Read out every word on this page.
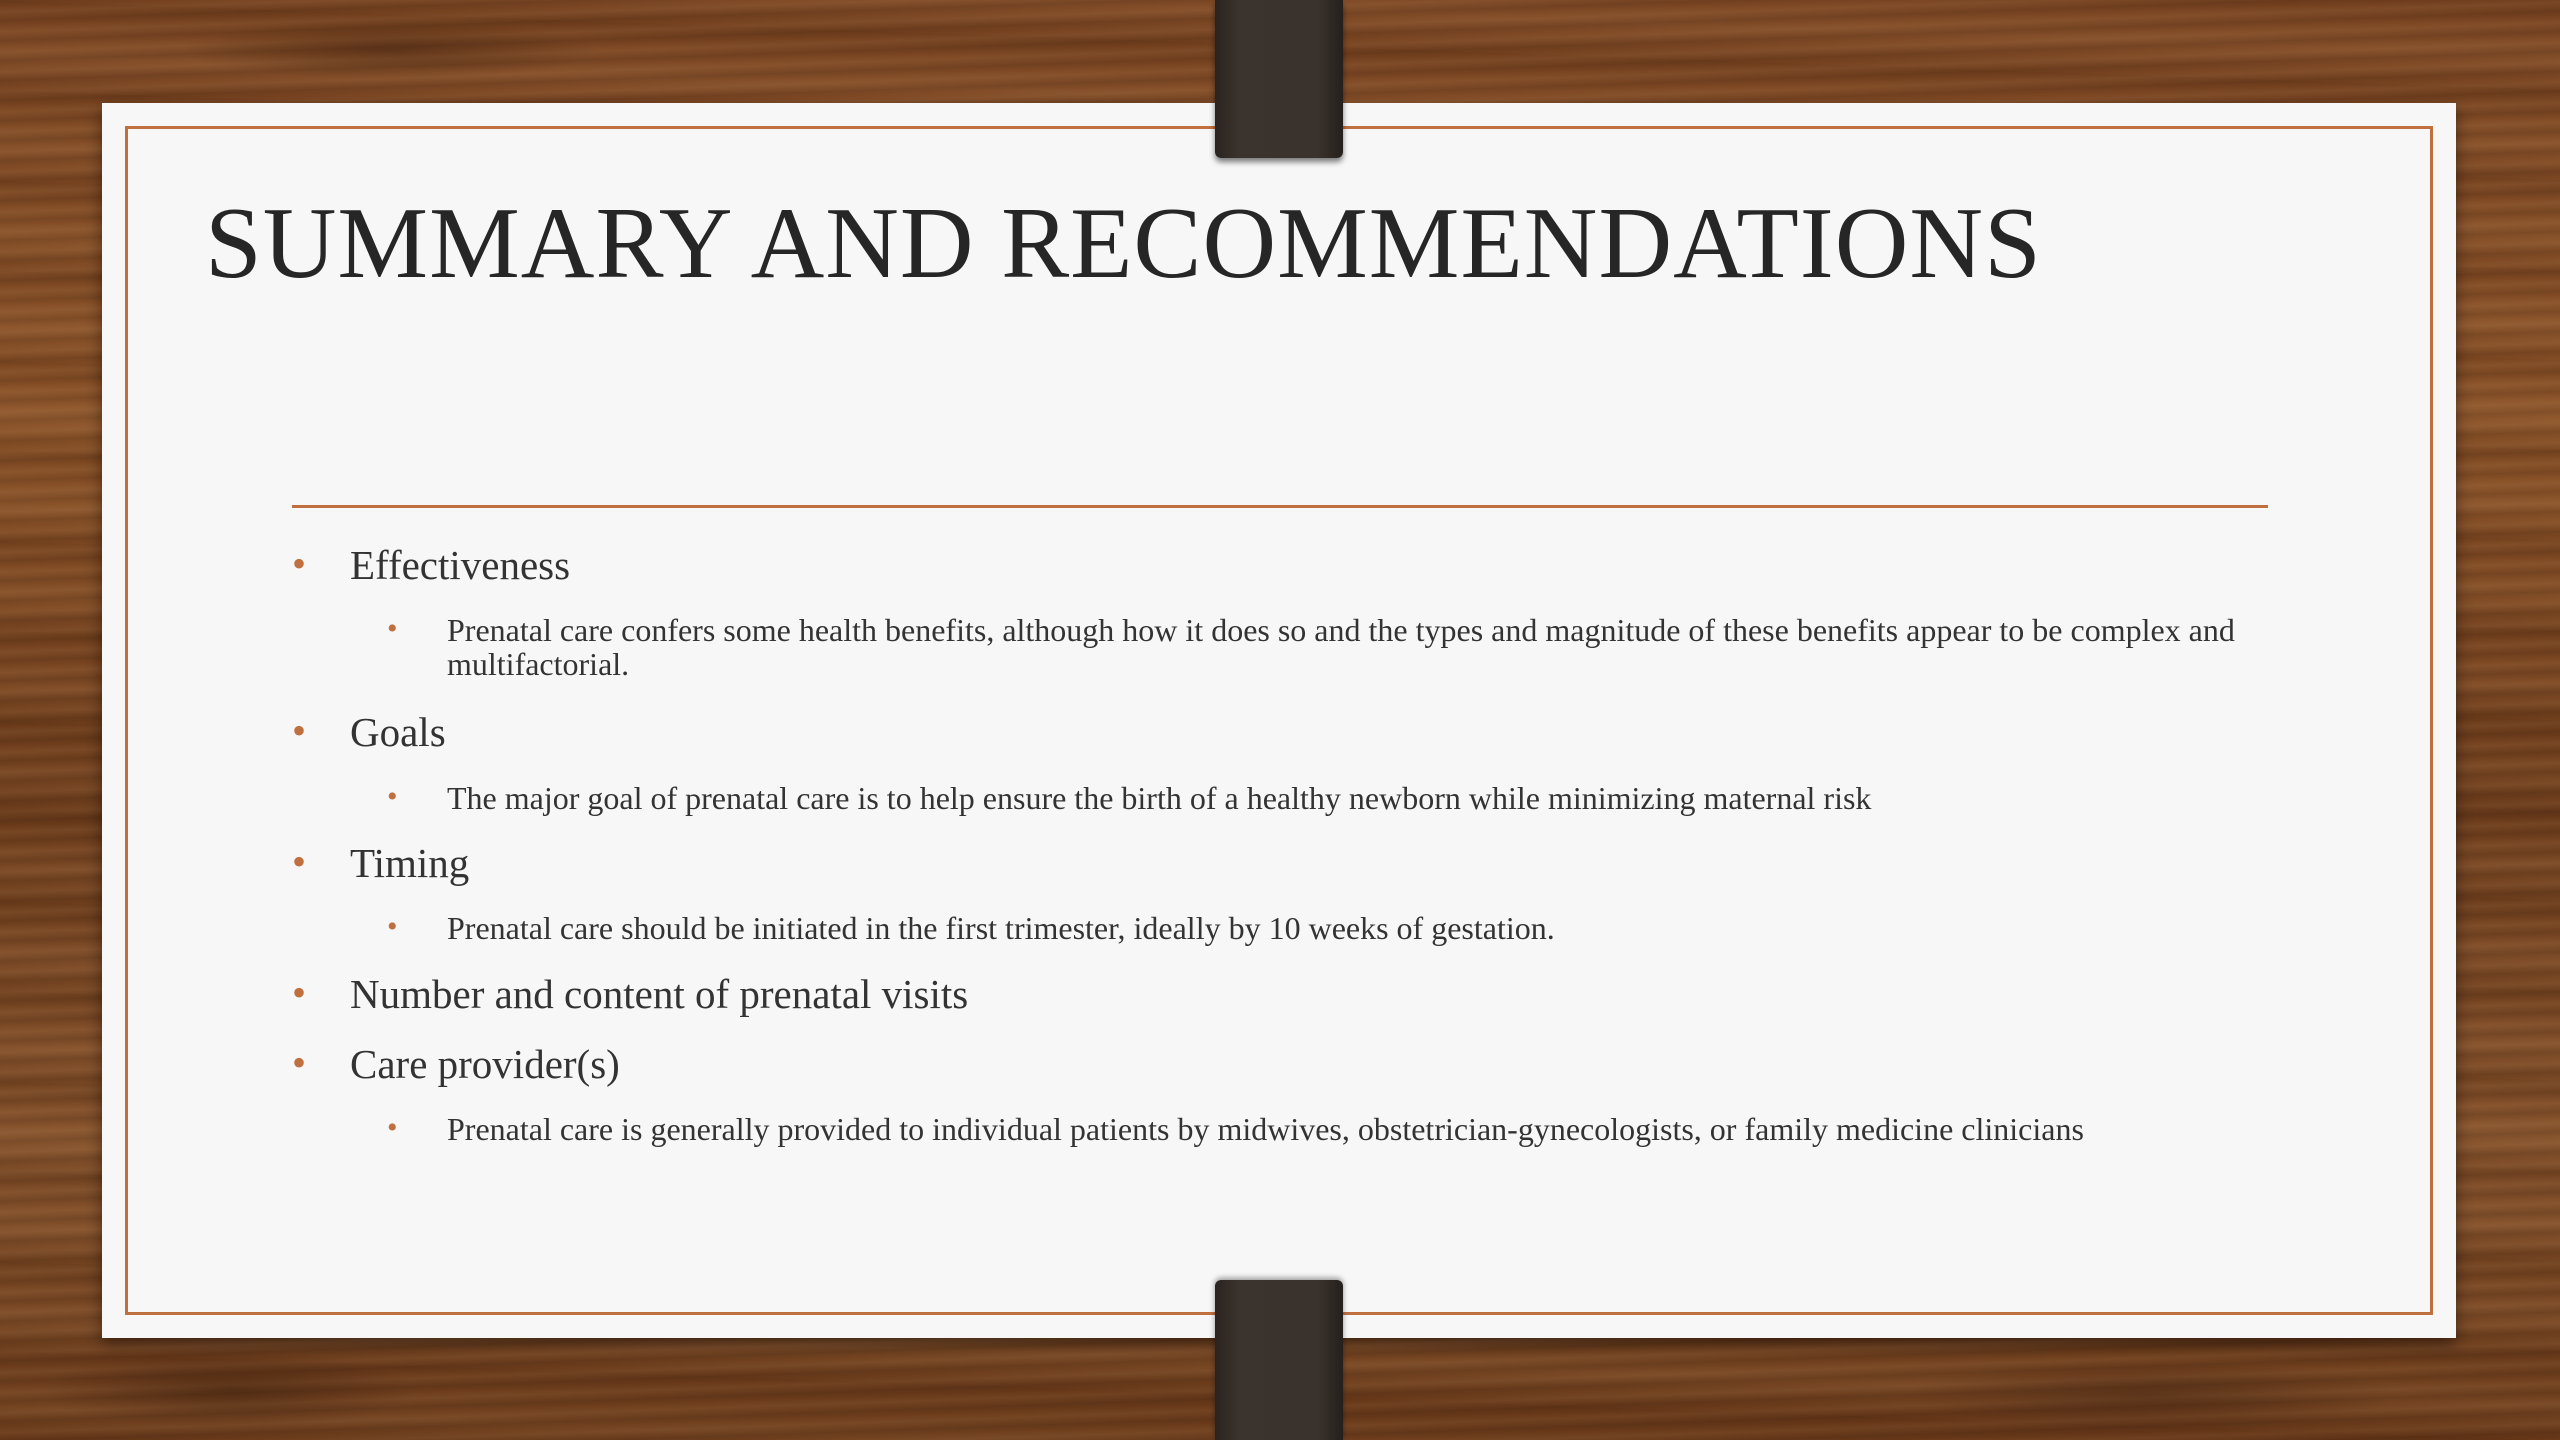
SUMMARY AND RECOMMENDATIONS
• Effectiveness
• Prenatal care confers some health benefits, although how it does so and the types and magnitude of these benefits appear to be complex and multifactorial.
• Goals
• The major goal of prenatal care is to help ensure the birth of a healthy newborn while minimizing maternal risk
• Timing
• Prenatal care should be initiated in the first trimester, ideally by 10 weeks of gestation.
• Number and content of prenatal visits
• Care provider(s)
• Prenatal care is generally provided to individual patients by midwives, obstetrician-gynecologists, or family medicine clinicians
